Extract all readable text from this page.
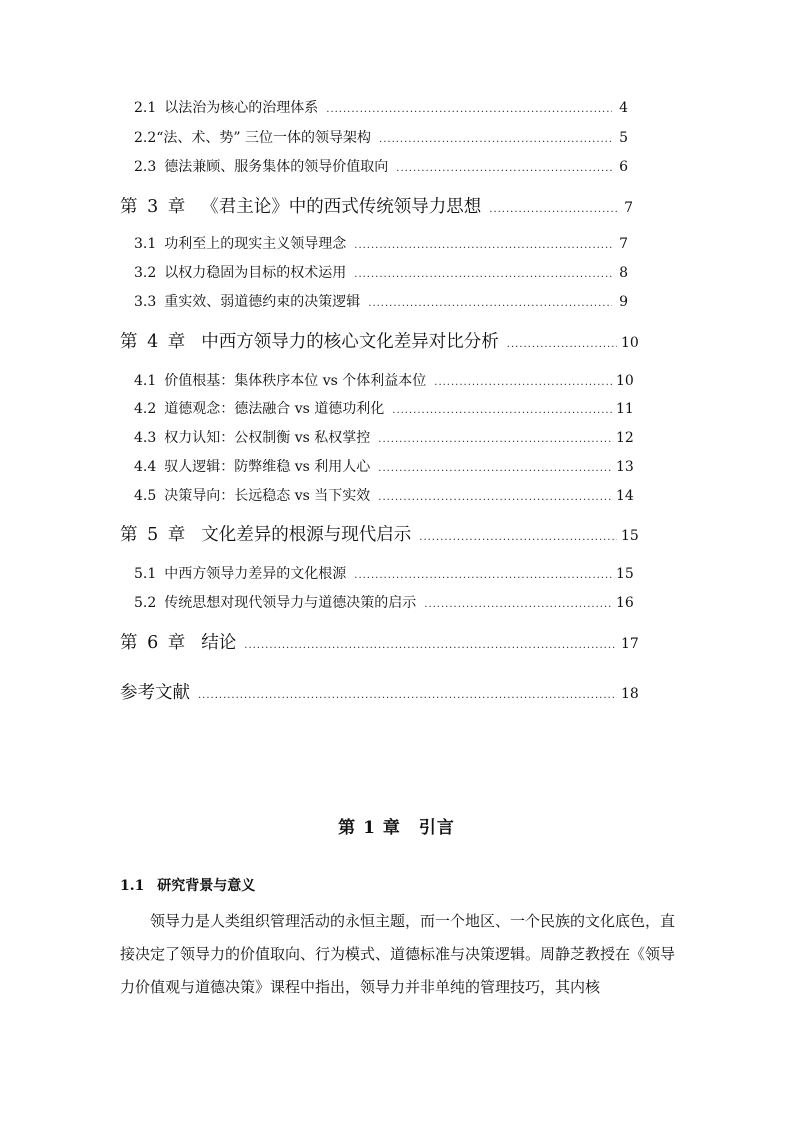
2.1 以法治为核心的治理体系 .....	4
2.2 “法、术、势” 三位一体的领导架构 .....	5
2.3 德法兼顾、服务集体的领导价值取向 .....	6
第 3 章 《君主论》中的西式传统领导力思想 .....	7
3.1 功利至上的现实主义领导理念 .....	7
3.2 以权力稳固为目标的权术运用 .....	8
3.3 重实效、弱道德约束的决策逻辑 .....	9
第 4 章 中西方领导力的核心文化差异对比分析 .....	10
4.1 价值根基：集体秩序本位 vs 个体利益本位 .....	10
4.2 道德观念：德法融合 vs 道德功利化 .....	11
4.3 权力认知：公权制衡 vs 私权掌控 .....	12
4.4 驭人逻辑：防弊维稳 vs 利用人心 .....	13
4.5 决策导向：长远稳态 vs 当下实效 .....	14
第 5 章 文化差异的根源与现代启示 .....	15
5.1 中西方领导力差异的文化根源 .....	15
5.2 传统思想对现代领导力与道德决策的启示 .....	16
第 6 章 结论 .....	17
参考文献 .....	18
第 1 章　引言
1.1 研究背景与意义

领导力是人类组织管理活动的永恒主题，而一个地区、一个民族的文化底色，直接决定了领导力的价值取向、行为模式、道德标准与决策逻辑。周静芝教授在《领导力价值观与道德决策》课程中指出，领导力并非单纯的管理技巧，其内核
